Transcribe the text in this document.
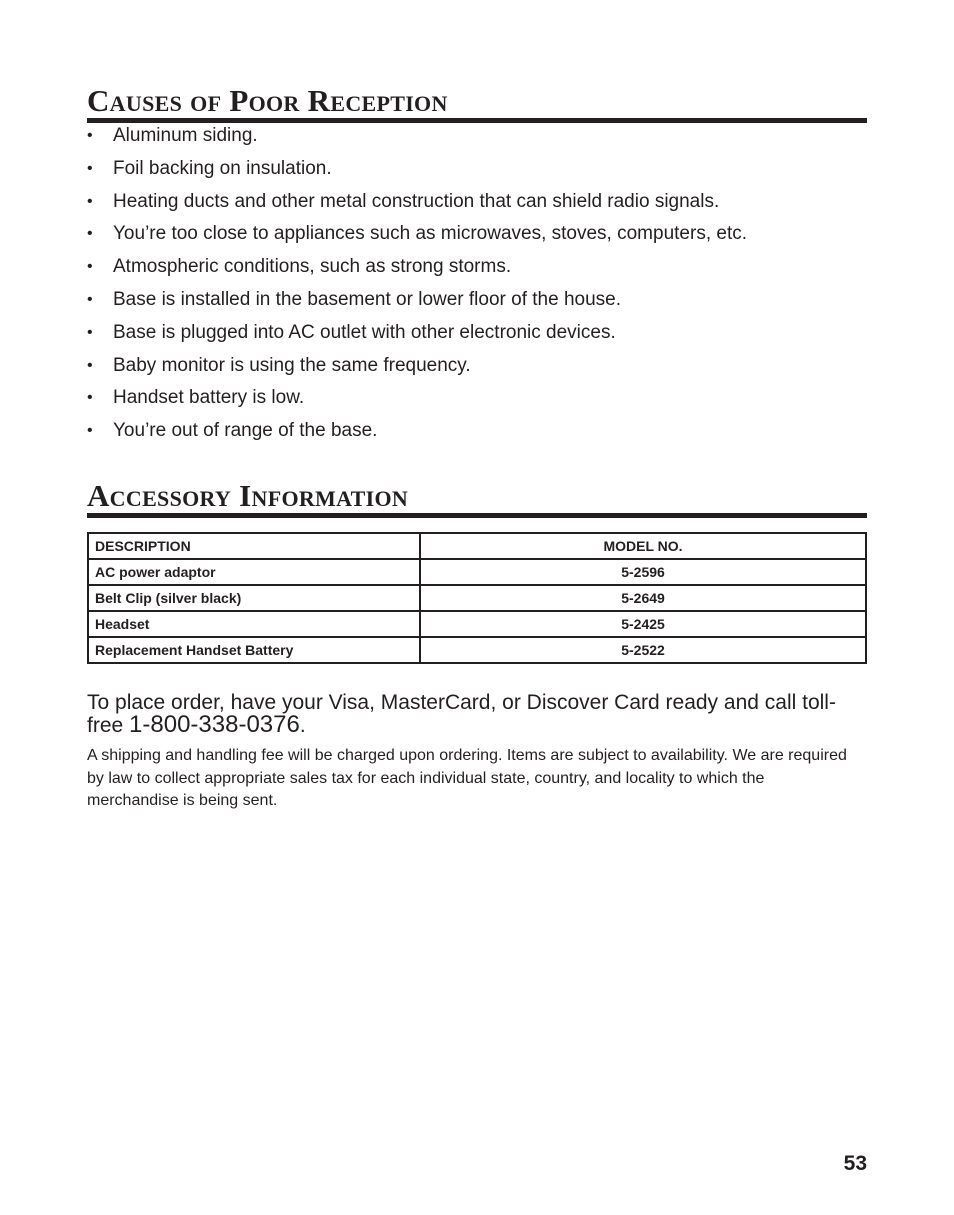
Causes of Poor Reception
• Aluminum siding.
• Foil backing on insulation.
• Heating ducts and other metal construction that can shield radio signals.
• You’re too close to appliances such as microwaves, stoves, computers, etc.
• Atmospheric conditions, such as strong storms.
• Base is installed in the basement or lower floor of the house.
• Base is plugged into AC outlet with other electronic devices.
• Baby monitor is using the same frequency.
• Handset battery is low.
• You’re out of range of the base.
Accessory Information
DESCRIPTION	MODEL NO.
AC power adaptor	5-2596
Belt Clip (silver black)	5-2649
Headset	5-2425
Replacement Handset Battery	5-2522

To place order, have your Visa, MasterCard, or Discover Card ready and call toll-free 1-800-338-0376.

A shipping and handling fee will be charged upon ordering. Items are subject to availability. We are required by law to collect appropriate sales tax for each individual state, country, and locality to which the merchandise is being sent.

53
